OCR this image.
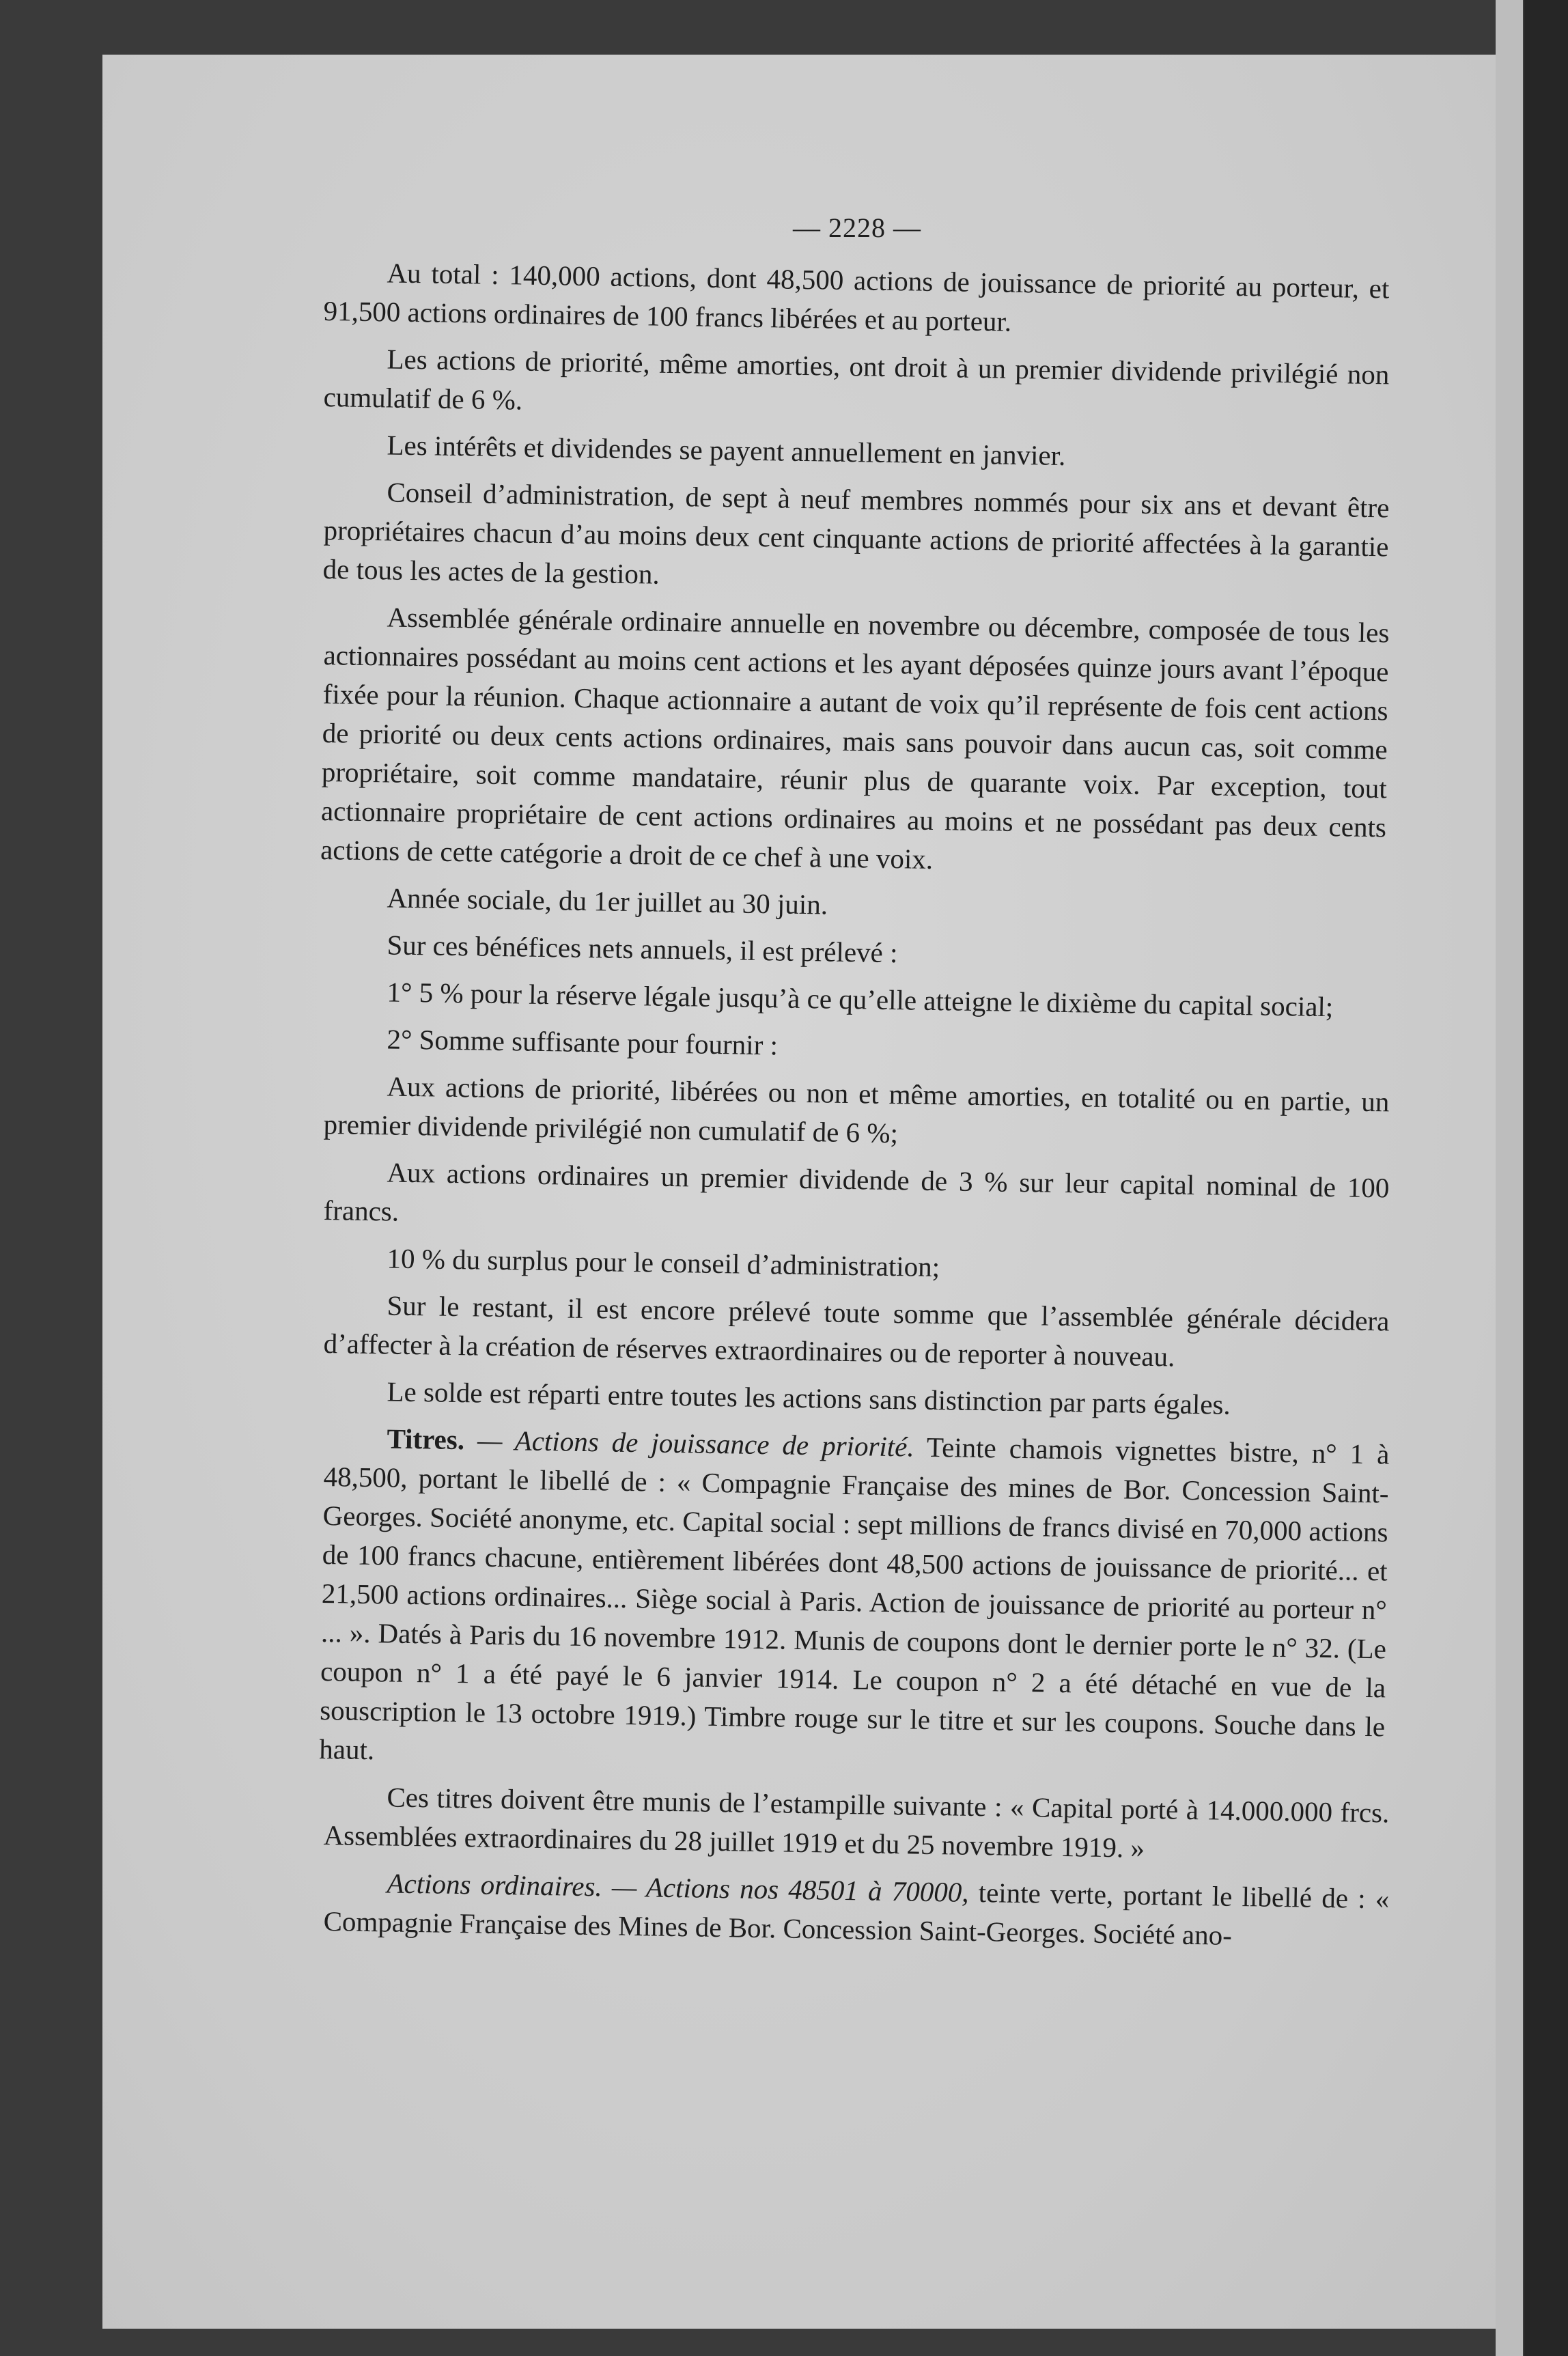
— 2228 —

Au total : 140,000 actions, dont 48,500 actions de jouissance de priorité au porteur, et 91,500 actions ordinaires de 100 francs libérées et au porteur.

Les actions de priorité, même amorties, ont droit à un premier dividende privilégié non cumulatif de 6 %.

Les intérêts et dividendes se payent annuellement en janvier.

Conseil d’administration, de sept à neuf membres nommés pour six ans et devant être propriétaires chacun d’au moins deux cent cinquante actions de priorité affectées à la garantie de tous les actes de la gestion.

Assemblée générale ordinaire annuelle en novembre ou décembre, composée de tous les actionnaires possédant au moins cent actions et les ayant déposées quinze jours avant l’époque fixée pour la réunion. Chaque actionnaire a autant de voix qu’il représente de fois cent actions de priorité ou deux cents actions ordinaires, mais sans pouvoir dans aucun cas, soit comme propriétaire, soit comme mandataire, réunir plus de quarante voix. Par exception, tout actionnaire propriétaire de cent actions ordinaires au moins et ne possédant pas deux cents actions de cette catégorie a droit de ce chef à une voix.

Année sociale, du 1er juillet au 30 juin.

Sur ces bénéfices nets annuels, il est prélevé :

1° 5 % pour la réserve légale jusqu’à ce qu’elle atteigne le dixième du capital social;

2° Somme suffisante pour fournir :

Aux actions de priorité, libérées ou non et même amorties, en totalité ou en partie, un premier dividende privilégié non cumulatif de 6 %;

Aux actions ordinaires un premier dividende de 3 % sur leur capital nominal de 100 francs.

10 % du surplus pour le conseil d’administration;

Sur le restant, il est encore prélevé toute somme que l’assemblée générale décidera d’affecter à la création de réserves extraordinaires ou de reporter à nouveau.

Le solde est réparti entre toutes les actions sans distinction par parts égales.

Titres. — Actions de jouissance de priorité. Teinte chamois vignettes bistre, n° 1 à 48,500, portant le libellé de : « Compagnie Française des mines de Bor. Concession Saint-Georges. Société anonyme, etc. Capital social : sept millions de francs divisé en 70,000 actions de 100 francs chacune, entièrement libérées dont 48,500 actions de jouissance de priorité... et 21,500 actions ordinaires... Siège social à Paris. Action de jouissance de priorité au porteur n° ... ». Datés à Paris du 16 novembre 1912. Munis de coupons dont le dernier porte le n° 32. (Le coupon n° 1 a été payé le 6 janvier 1914. Le coupon n° 2 a été détaché en vue de la souscription le 13 octobre 1919.) Timbre rouge sur le titre et sur les coupons. Souche dans le haut.

Ces titres doivent être munis de l’estampille suivante : « Capital porté à 14.000.000 frcs. Assemblées extraordinaires du 28 juillet 1919 et du 25 novembre 1919. »

Actions ordinaires. — Actions nos 48501 à 70000, teinte verte, portant le libellé de : « Compagnie Française des Mines de Bor. Concession Saint-Georges. Société ano-
